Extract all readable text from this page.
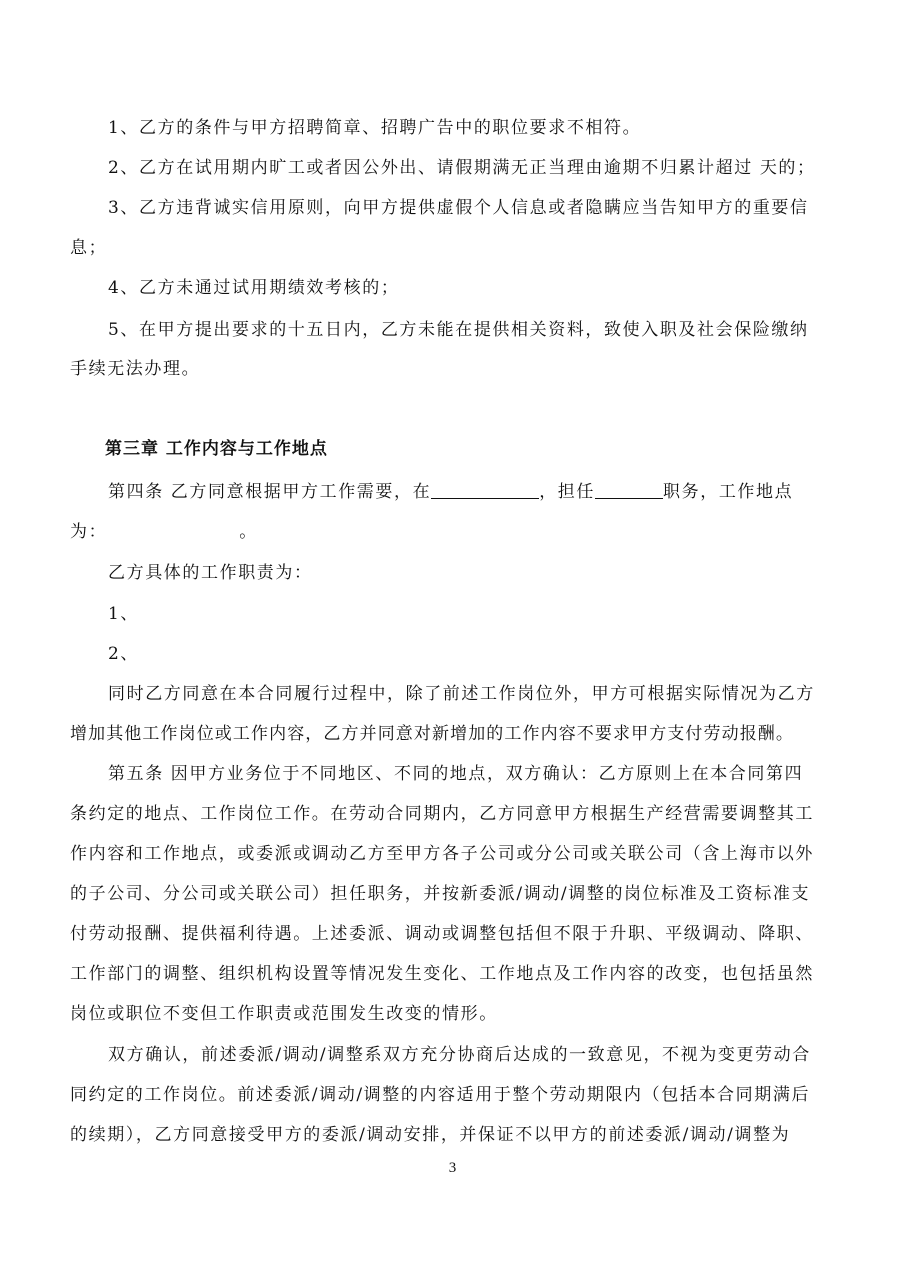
1、乙方的条件与甲方招聘简章、招聘广告中的职位要求不相符。
2、乙方在试用期内旷工或者因公外出、请假期满无正当理由逾期不归累计超过 天的；
3、乙方违背诚实信用原则，向甲方提供虚假个人信息或者隐瞒应当告知甲方的重要信
息；
4、乙方未通过试用期绩效考核的；
5、在甲方提出要求的十五日内，乙方未能在提供相关资料，致使入职及社会保险缴纳
手续无法办理。
第三章 工作内容与工作地点
第四条 乙方同意根据甲方工作需要，在	，担任	职务，工作地点
为：	。
乙方具体的工作职责为：
1、
2、
同时乙方同意在本合同履行过程中，除了前述工作岗位外，甲方可根据实际情况为乙方
增加其他工作岗位或工作内容，乙方并同意对新增加的工作内容不要求甲方支付劳动报酬。
第五条 因甲方业务位于不同地区、不同的地点，双方确认：乙方原则上在本合同第四
条约定的地点、工作岗位工作。在劳动合同期内，乙方同意甲方根据生产经营需要调整其工
作内容和工作地点，或委派或调动乙方至甲方各子公司或分公司或关联公司（含上海市以外
的子公司、分公司或关联公司）担任职务，并按新委派/调动/调整的岗位标准及工资标准支
付劳动报酬、提供福利待遇。上述委派、调动或调整包括但不限于升职、平级调动、降职、
工作部门的调整、组织机构设置等情况发生变化、工作地点及工作内容的改变，也包括虽然
岗位或职位不变但工作职责或范围发生改变的情形。
双方确认，前述委派/调动/调整系双方充分协商后达成的一致意见，不视为变更劳动合
同约定的工作岗位。前述委派/调动/调整的内容适用于整个劳动期限内（包括本合同期满后
的续期），乙方同意接受甲方的委派/调动安排，并保证不以甲方的前述委派/调动/调整为
3
